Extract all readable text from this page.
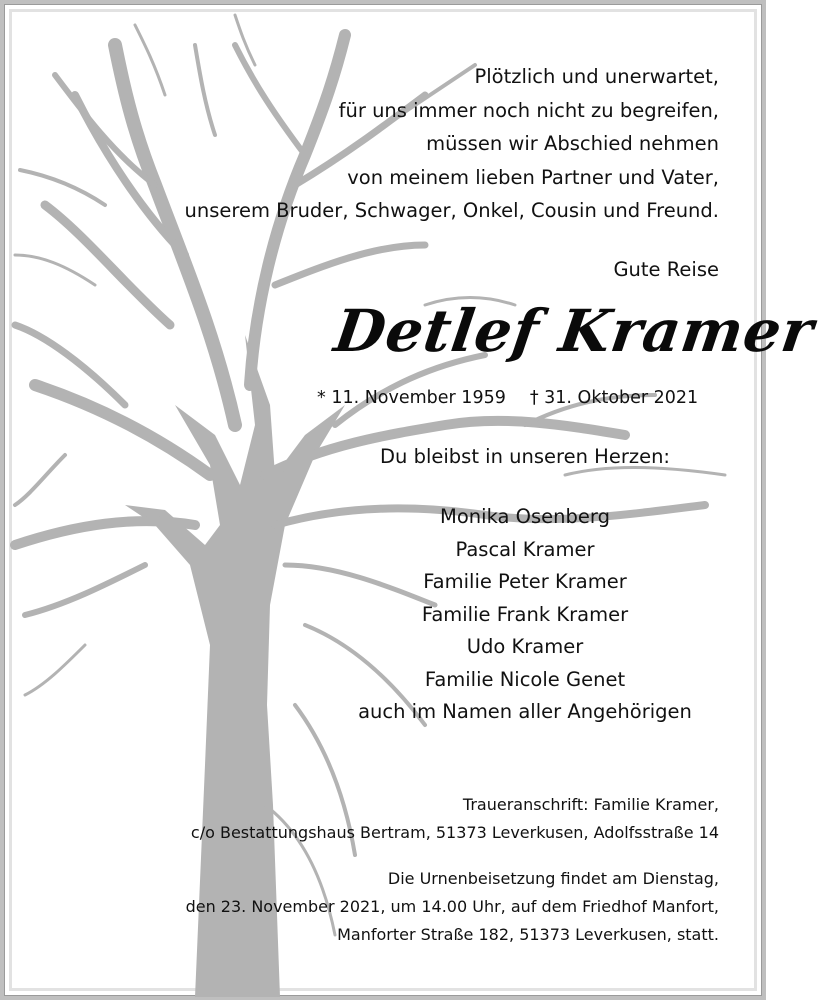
Plötzlich und unerwartet,
für uns immer noch nicht zu begreifen,
müssen wir Abschied nehmen
von meinem lieben Partner und Vater,
unserem Bruder, Schwager, Onkel, Cousin und Freund.
Gute Reise
Detlef Kramer
* 11. November 1959 † 31. Oktober 2021
Du bleibst in unseren Herzen:
Monika Osenberg
Pascal Kramer
Familie Peter Kramer
Familie Frank Kramer
Udo Kramer
Familie Nicole Genet
auch im Namen aller Angehörigen
Traueranschrift: Familie Kramer,
c/o Bestattungshaus Bertram, 51373 Leverkusen, Adolfsstraße 14
Die Urnenbeisetzung findet am Dienstag,
den 23. November 2021, um 14.00 Uhr, auf dem Friedhof Manfort,
Manforter Straße 182, 51373 Leverkusen, statt.
